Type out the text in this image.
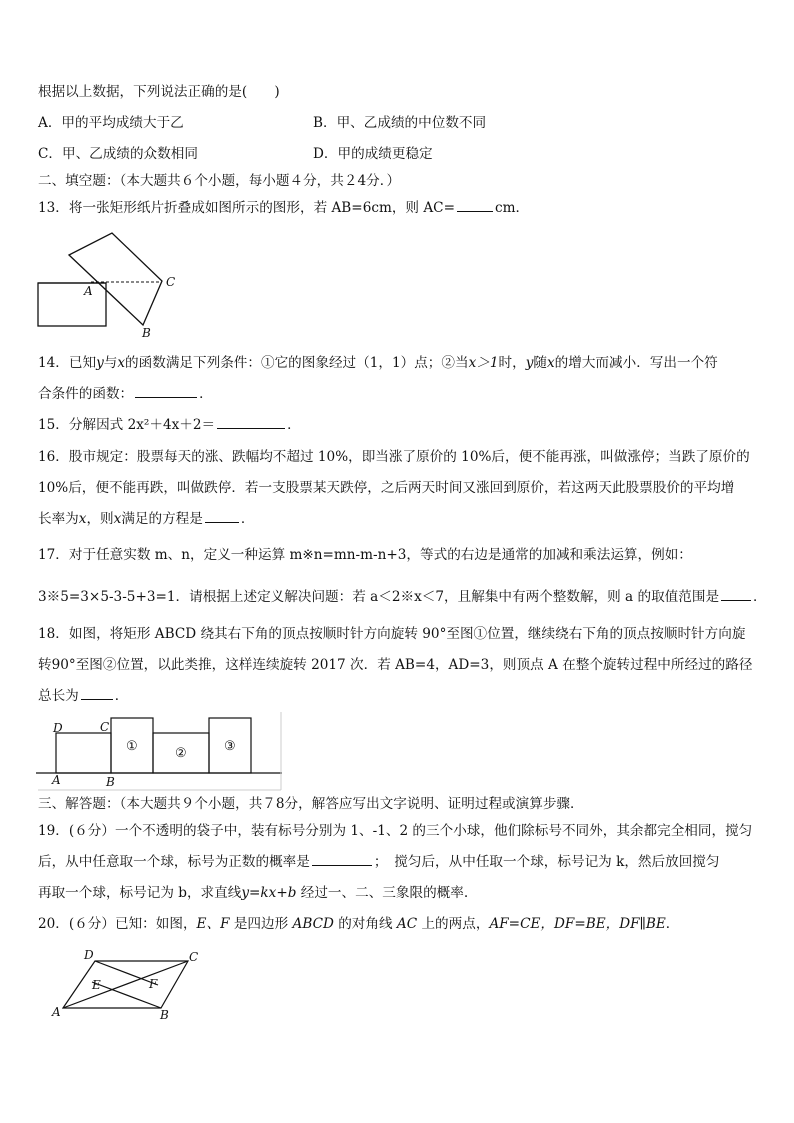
根据以上数据，下列说法正确的是(　　)
A．甲的平均成绩大于乙	B．甲、乙成绩的中位数不同
C．甲、乙成绩的众数相同	D．甲的成绩更稳定
二、填空题：（本大题共６个小题，每小题４分，共２4分．）
13．将一张矩形纸片折叠成如图所示的图形，若 AB=6cm，则 AC=	cm．
A
C
B
14．已知y与x的函数满足下列条件：①它的图象经过（1，1）点；②当x＞1时，y随x的增大而减小．写出一个符
合条件的函数：	．
15．分解因式 2x²＋4x＋2＝	．
16．股市规定：股票每天的涨、跌幅均不超过 10%，即当涨了原价的 10%后，便不能再涨，叫做涨停；当跌了原价的
10%后，便不能再跌，叫做跌停．若一支股票某天跌停，之后两天时间又涨回到原价，若这两天此股票股价的平均增
长率为x，则x满足的方程是	．
17．对于任意实数 m、n，定义一种运算 m※n=mn-m-n+3，等式的右边是通常的加减和乘法运算，例如：
3※5=3×5-3-5+3=1．请根据上述定义解决问题：若 a＜2※x＜7，且解集中有两个整数解，则 a 的取值范围是	．
18．如图，将矩形 ABCD 绕其右下角的顶点按顺时针方向旋转 90°至图①位置，继续绕右下角的顶点按顺时针方向旋
转90°至图②位置，以此类推，这样连续旋转 2017 次．若 AB=4，AD=3，则顶点 A 在整个旋转过程中所经过的路径
总长为	．
D	C
A	B
①	②	③
三、解答题：（本大题共９个小题，共７8分，解答应写出文字说明、证明过程或演算步骤．
19．(６分）一个不透明的袋子中，装有标号分别为 1、-1、2 的三个小球，他们除标号不同外，其余都完全相同，搅匀
后，从中任意取一个球，标号为正数的概率是	；　搅匀后，从中任取一个球，标号记为 k，然后放回搅匀
再取一个球，标号记为 b，求直线y=kx+b 经过一、二、三象限的概率.
20．(６分）已知：如图，E、F 是四边形 ABCD 的对角线 AC 上的两点，AF=CE，DF=BE，DF∥BE．
A	B
C
D
E	F
